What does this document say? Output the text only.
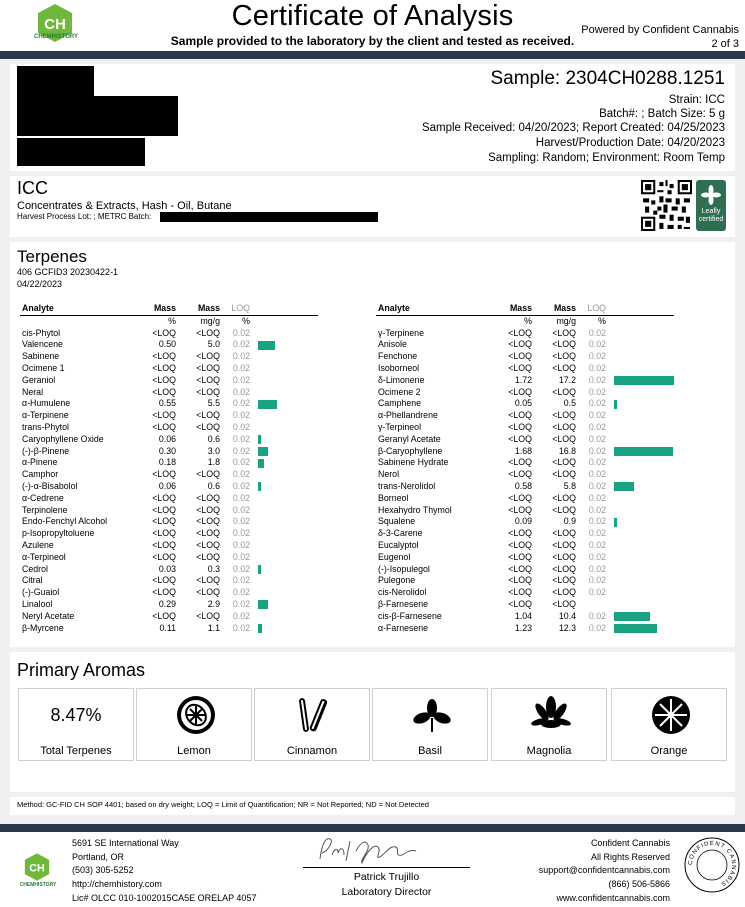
CH
CHEMHISTORY
Certificate of Analysis
Sample provided to the laboratory by the client and tested as received.
Powered by Confident Cannabis
2 of 3
Sample: 2304CH0288.1251
Strain: ICC
Batch#: ; Batch Size: 5 g
Sample Received: 04/20/2023; Report Created: 04/25/2023
Harvest/Production Date: 04/20/2023
Sampling: Random; Environment: Room Temp
ICC
Concentrates & Extracts, Hash - Oil, Butane
Harvest Process Lot: ; METRC Batch:
Leafly certified
Terpenes
406 GCFID3 20230422-1
04/22/2023
Analyte	Mass	Mass	LOQ	
	%	mg/g	%	
cis-Phytol	<LOQ	<LOQ	0.02	
Valencene	0.50	5.0	0.02	
Sabinene	<LOQ	<LOQ	0.02	
Ocimene 1	<LOQ	<LOQ	0.02	
Geraniol	<LOQ	<LOQ	0.02	
Neral	<LOQ	<LOQ	0.02	
α-Humulene	0.55	5.5	0.02	
α-Terpinene	<LOQ	<LOQ	0.02	
trans-Phytol	<LOQ	<LOQ	0.02	
Caryophyllene Oxide	0.06	0.6	0.02	
(-)-β-Pinene	0.30	3.0	0.02	
α-Pinene	0.18	1.8	0.02	
Camphor	<LOQ	<LOQ	0.02	
(-)-α-Bisabolol	0.06	0.6	0.02	
α-Cedrene	<LOQ	<LOQ	0.02	
Terpinolene	<LOQ	<LOQ	0.02	
Endo-Fenchyl Alcohol	<LOQ	<LOQ	0.02	
p-Isopropyltoluene	<LOQ	<LOQ	0.02	
Azulene	<LOQ	<LOQ	0.02	
α-Terpineol	<LOQ	<LOQ	0.02	
Cedrol	0.03	0.3	0.02	
Citral	<LOQ	<LOQ	0.02	
(-)-Guaiol	<LOQ	<LOQ	0.02	
Linalool	0.29	2.9	0.02	
Neryl Acetate	<LOQ	<LOQ	0.02	
β-Myrcene	0.11	1.1	0.02	
Analyte	Mass	Mass	LOQ	
	%	mg/g	%	
γ-Terpinene	<LOQ	<LOQ	0.02	
Anisole	<LOQ	<LOQ	0.02	
Fenchone	<LOQ	<LOQ	0.02	
Isoborneol	<LOQ	<LOQ	0.02	
δ-Limonene	1.72	17.2	0.02	
Ocimene 2	<LOQ	<LOQ	0.02	
Camphene	0.05	0.5	0.02	
α-Phellandrene	<LOQ	<LOQ	0.02	
γ-Terpineol	<LOQ	<LOQ	0.02	
Geranyl Acetate	<LOQ	<LOQ	0.02	
β-Caryophyllene	1.68	16.8	0.02	
Sabinene Hydrate	<LOQ	<LOQ	0.02	
Nerol	<LOQ	<LOQ	0.02	
trans-Nerolidol	0.58	5.8	0.02	
Borneol	<LOQ	<LOQ	0.02	
Hexahydro Thymol	<LOQ	<LOQ	0.02	
Squalene	0.09	0.9	0.02	
δ-3-Carene	<LOQ	<LOQ	0.02	
Eucalyptol	<LOQ	<LOQ	0.02	
Eugenol	<LOQ	<LOQ	0.02	
(-)-Isopulegol	<LOQ	<LOQ	0.02	
Pulegone	<LOQ	<LOQ	0.02	
cis-Nerolidol	<LOQ	<LOQ	0.02	
β-Farnesene	<LOQ	<LOQ		
cis-β-Farnesene	1.04	10.4	0.02	
α-Farnesene	1.23	12.3	0.02	
Primary Aromas
8.47%
Total Terpenes	Lemon	Cinnamon	Basil	Magnolia	Orange
Method: GC-FID CH SOP 4401; based on dry weight; LOQ = Limit of Quantification; NR = Not Reported; ND = Not Detected
CH
CHEMHISTORY
5691 SE International Way
Portland, OR
(503) 305-5252
http://chemhistory.com
Lic# OLCC 010-1002015CA5E ORELAP 4057
Patrick Trujillo
Laboratory Director
Confident Cannabis
All Rights Reserved
support@confidentcannabis.com
(866) 506-5866
www.confidentcannabis.com
CONFIDENT CANNABIS
